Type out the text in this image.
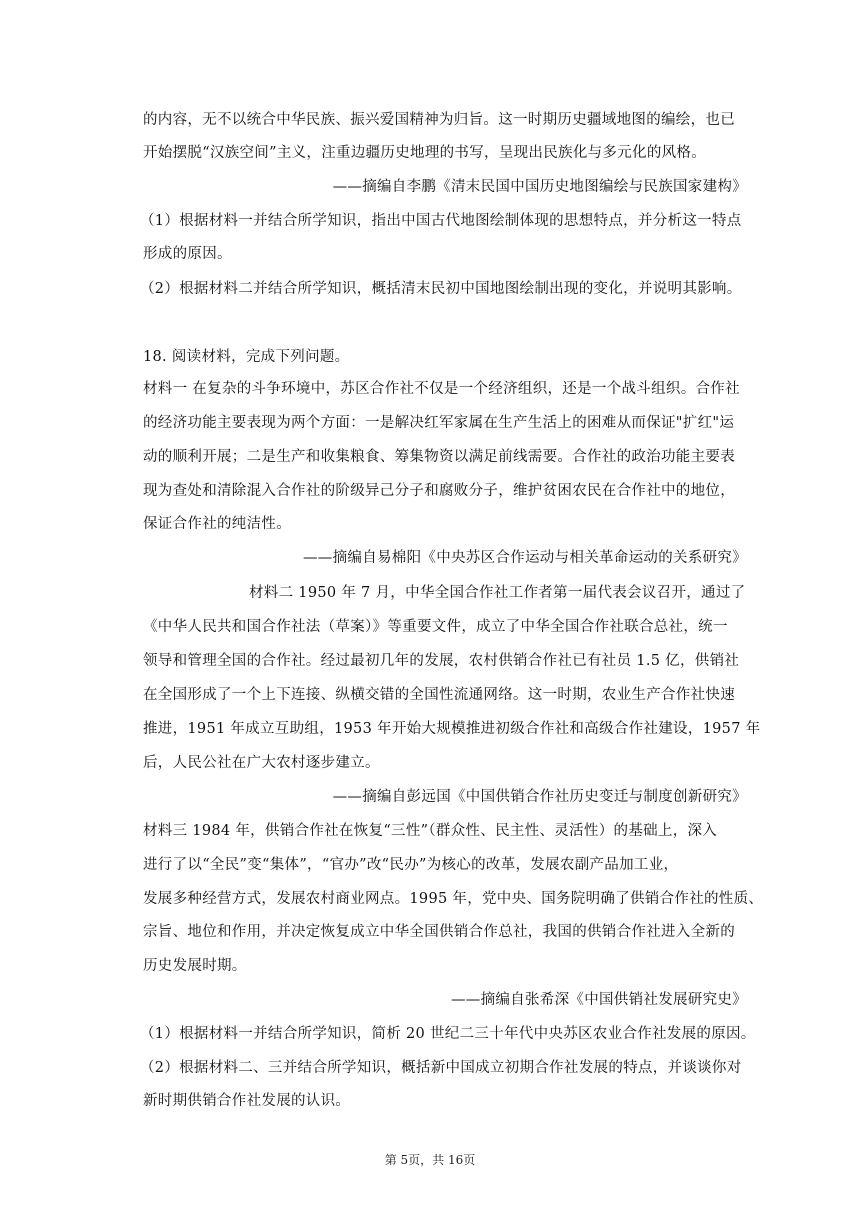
的内容，无不以统合中华民族、振兴爱国精神为归旨。这一时期历史疆域地图的编绘，也已
开始摆脱“汉族空间”主义，注重边疆历史地理的书写，呈现出民族化与多元化的风格。
——摘编自李鹏《清末民国中国历史地图编绘与民族国家建构》
（1）根据材料一并结合所学知识，指出中国古代地图绘制体现的思想特点，并分析这一特点
形成的原因。
（2）根据材料二并结合所学知识，概括清末民初中国地图绘制出现的变化，并说明其影响。
18. 阅读材料，完成下列问题。
材料一 在复杂的斗争环境中，苏区合作社不仅是一个经济组织，还是一个战斗组织。合作社
的经济功能主要表现为两个方面：一是解决红军家属在生产生活上的困难从而保证"扩红"运
动的顺利开展；二是生产和收集粮食、筹集物资以满足前线需要。合作社的政治功能主要表
现为查处和清除混入合作社的阶级异己分子和腐败分子，维护贫困农民在合作社中的地位，
保证合作社的纯洁性。
——摘编自易棉阳《中央苏区合作运动与相关革命运动的关系研究》
材料二 1950 年 7 月，中华全国合作社工作者第一届代表会议召开，通过了
《中华人民共和国合作社法（草案）》等重要文件，成立了中华全国合作社联合总社，统一
领导和管理全国的合作社。经过最初几年的发展，农村供销合作社已有社员 1.5 亿，供销社
在全国形成了一个上下连接、纵横交错的全国性流通网络。这一时期，农业生产合作社快速
推进，1951 年成立互助组，1953 年开始大规模推进初级合作社和高级合作社建设，1957 年
后，人民公社在广大农村逐步建立。
——摘编自彭远国《中国供销合作社历史变迁与制度创新研究》
材料三 1984 年，供销合作社在恢复“三性”（群众性、民主性、灵活性）的基础上，深入
进行了以“全民”变“集体”，“官办”改“民办”为核心的改革，发展农副产品加工业，
发展多种经营方式，发展农村商业网点。1995 年，党中央、国务院明确了供销合作社的性质、
宗旨、地位和作用，并决定恢复成立中华全国供销合作总社，我国的供销合作社进入全新的
历史发展时期。
——摘编自张希深《中国供销社发展研究史》
（1）根据材料一并结合所学知识，简析 20 世纪二三十年代中央苏区农业合作社发展的原因。
（2）根据材料二、三并结合所学知识，概括新中国成立初期合作社发展的特点，并谈谈你对
新时期供销合作社发展的认识。
第 5页，共 16页
